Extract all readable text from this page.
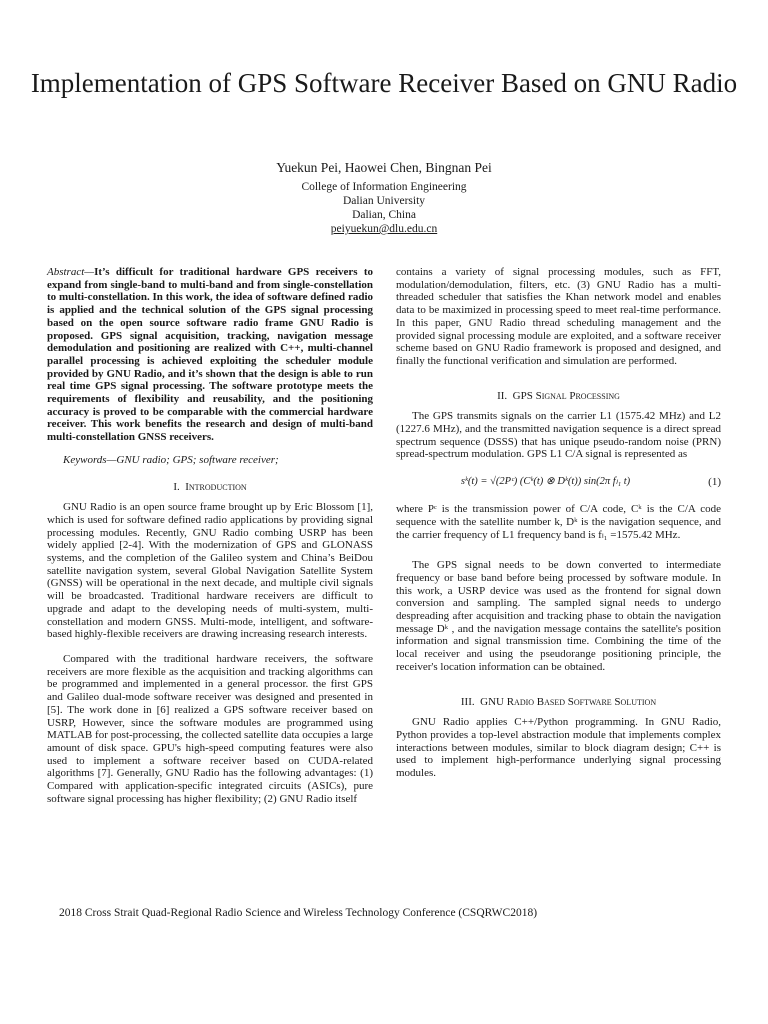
Implementation of GPS Software Receiver Based on GNU Radio
Yuekun Pei, Haowei Chen, Bingnan Pei
College of Information Engineering
Dalian University
Dalian, China
peiyuekun@dlu.edu.cn

Abstract—It’s difficult for traditional hardware GPS receivers to expand from single-band to multi-band and from single-constellation to multi-constellation. In this work, the idea of software defined radio is applied and the technical solution of the GPS signal processing based on the open source software radio frame GNU Radio is proposed. GPS signal acquisition, tracking, navigation message demodulation and positioning are realized with C++, multi-channel parallel processing is achieved exploiting the scheduler module provided by GNU Radio, and it’s shown that the design is able to run real time GPS signal processing. The software prototype meets the requirements of flexibility and reusability, and the positioning accuracy is proved to be comparable with the commercial hardware receiver. This work benefits the research and design of multi-band multi-constellation GNSS receivers.

Keywords—GNU radio; GPS; software receiver;

I. Introduction

GNU Radio is an open source frame brought up by Eric Blossom [1], which is used for software defined radio applications by providing signal processing modules. Recently, GNU Radio combing USRP has been widely applied [2-4]. With the modernization of GPS and GLONASS systems, and the completion of the Galileo system and China’s BeiDou satellite navigation system, several Global Navigation Satellite System (GNSS) will be operational in the next decade, and multiple civil signals will be broadcasted. Traditional hardware receivers are difficult to upgrade and adapt to the developing needs of multi-system, multi-constellation and modern GNSS. Multi-mode, intelligent, and software-based highly-flexible receivers are drawing increasing research interests.

Compared with the traditional hardware receivers, the software receivers are more flexible as the acquisition and tracking algorithms can be programmed and implemented in a general processor. the first GPS and Galileo dual-mode software receiver was designed and presented in [5]. The work done in [6] realized a GPS software receiver based on USRP, However, since the software modules are programmed using MATLAB for post-processing, the collected satellite data occupies a large amount of disk space. GPU's high-speed computing features were also used to implement a software receiver based on CUDA-related algorithms [7]. Generally, GNU Radio has the following advantages: (1) Compared with application-specific integrated circuits (ASICs), pure software signal processing has higher flexibility; (2) GNU Radio itself

contains a variety of signal processing modules, such as FFT, modulation/demodulation, filters, etc. (3) GNU Radio has a multi-threaded scheduler that satisfies the Khan network model and enables data to be maximized in processing speed to meet real-time performance. In this paper, GNU Radio thread scheduling management and the provided signal processing module are exploited, and a software receiver scheme based on GNU Radio framework is proposed and designed, and finally the functional verification and simulation are performed.

II. GPS Signal Processing

The GPS transmits signals on the carrier L1 (1575.42 MHz) and L2 (1227.6 MHz), and the transmitted navigation sequence is a direct spread spectrum sequence (DSSS) that has unique pseudo-random noise (PRN) spread-spectrum modulation. GPS L1 C/A signal is represented as

sᵏ(t) = √(2Pᶜ) (Cᵏ(t) ⊗ Dᵏ(t)) sin(2π fₗ₁ t)	(1)

where Pᶜ is the transmission power of C/A code, Cᵏ is the C/A code sequence with the satellite number k, Dᵏ is the navigation sequence, and the carrier frequency of L1 frequency band is fₗ₁ =1575.42 MHz.

The GPS signal needs to be down converted to intermediate frequency or base band before being processed by software module. In this work, a USRP device was used as the frontend for signal down conversion and sampling. The sampled signal needs to undergo despreading after acquisition and tracking phase to obtain the navigation message Dᵏ , and the navigation message contains the satellite's position information and signal transmission time. Combining the time of the local receiver and using the pseudorange positioning principle, the receiver's location information can be obtained.

III. GNU Radio Based Software Solution

GNU Radio applies C++/Python programming. In GNU Radio, Python provides a top-level abstraction module that implements complex interactions between modules, similar to block diagram design; C++ is used to implement high-performance underlying signal processing modules.

2018 Cross Strait Quad-Regional Radio Science and Wireless Technology Conference (CSQRWC2018)
